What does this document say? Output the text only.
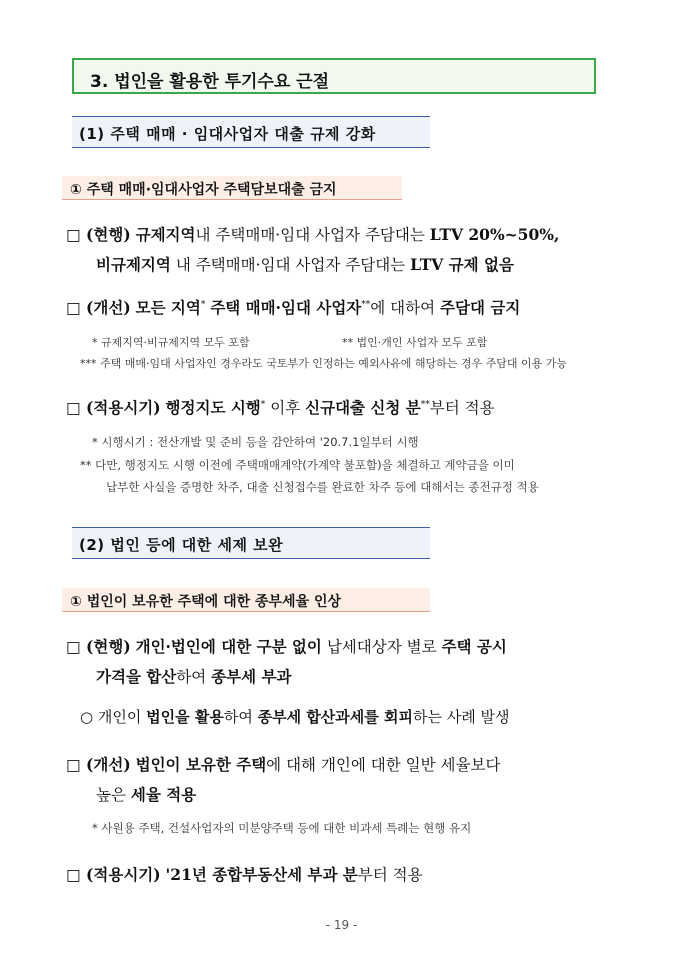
3. 법인을 활용한 투기수요 근절
(1) 주택 매매 · 임대사업자 대출 규제 강화
① 주택 매매·임대사업자 주택담보대출 금지
□ (현행) 규제지역내 주택매매·임대 사업자 주담대는 LTV 20%~50%,
비규제지역 내 주택매매·임대 사업자 주담대는 LTV 규제 없음
□ (개선) 모든 지역* 주택 매매·임대 사업자**에 대하여 주담대 금지
* 규제지역·비규제지역 모두 포함	** 법인·개인 사업자 모두 포함
*** 주택 매매·임대 사업자인 경우라도 국토부가 인정하는 예외사유에 해당하는 경우 주담대 이용 가능
□ (적용시기) 행정지도 시행* 이후 신규대출 신청 분**부터 적용
* 시행시기 : 전산개발 및 준비 등을 감안하여 '20.7.1일부터 시행
** 다만, 행정지도 시행 이전에 주택매매계약(가계약 불포함)을 체결하고 계약금을 이미
납부한 사실을 증명한 차주, 대출 신청접수를 완료한 차주 등에 대해서는 종전규정 적용
(2) 법인 등에 대한 세제 보완
① 법인이 보유한 주택에 대한 종부세율 인상
□ (현행) 개인·법인에 대한 구분 없이 납세대상자 별로 주택 공시
가격을 합산하여 종부세 부과
○ 개인이 법인을 활용하여 종부세 합산과세를 회피하는 사례 발생
□ (개선) 법인이 보유한 주택에 대해 개인에 대한 일반 세율보다
높은 세율 적용
* 사원용 주택, 건설사업자의 미분양주택 등에 대한 비과세 특례는 현행 유지
□ (적용시기) '21년 종합부동산세 부과 분부터 적용
- 19 -
